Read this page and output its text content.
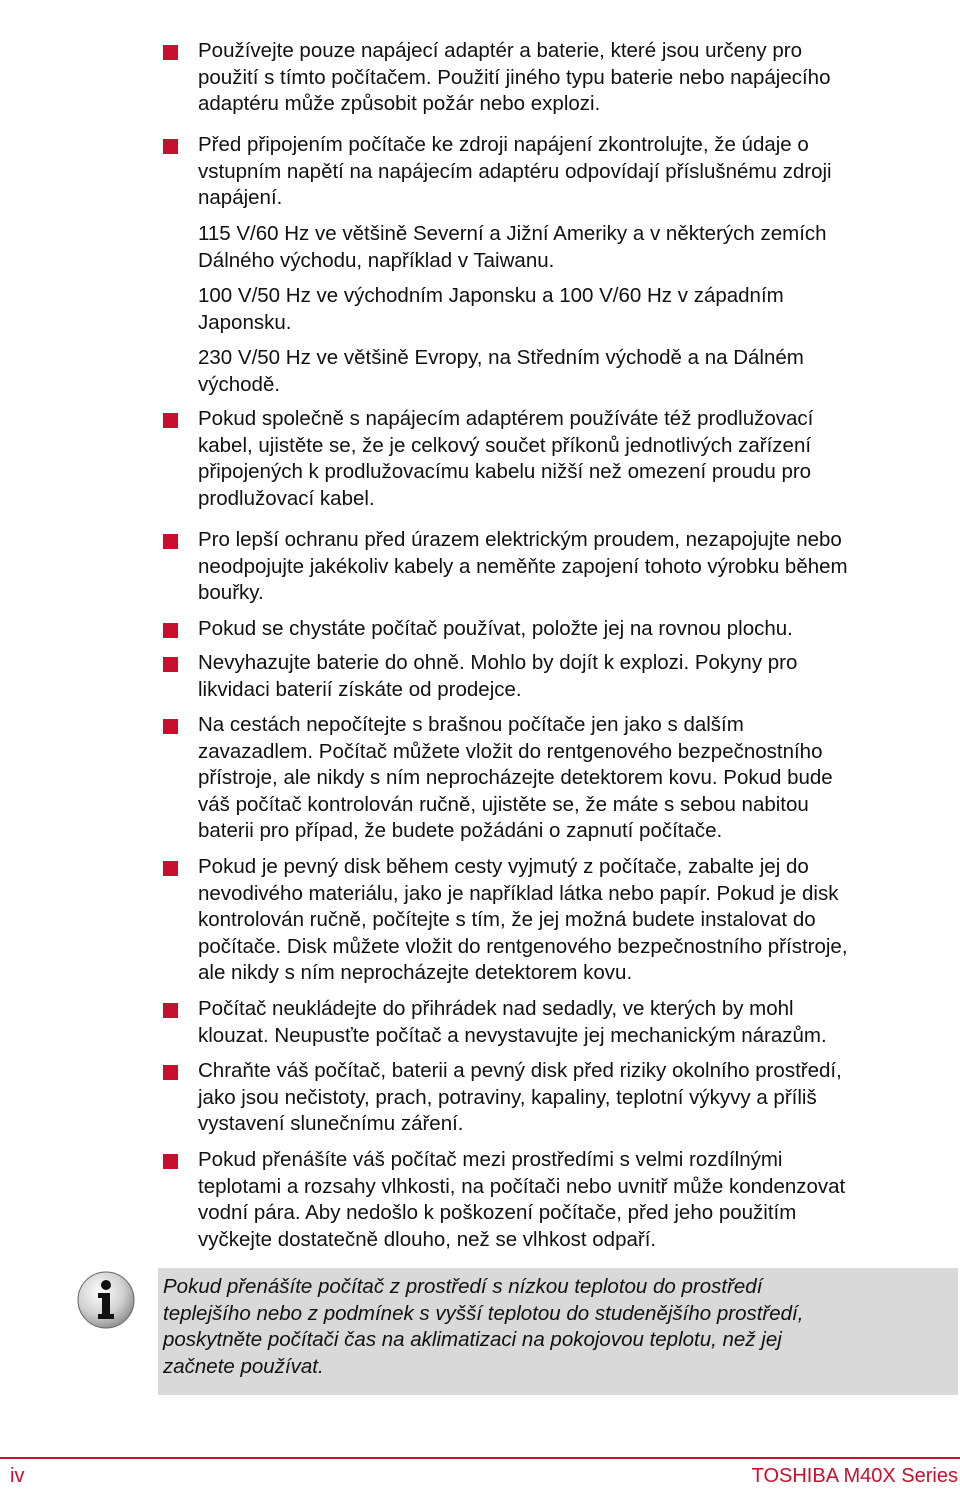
Používejte pouze napájecí adaptér a baterie, které jsou určeny pro
použití s tímto počítačem. Použití jiného typu baterie nebo napájecího
adaptéru může způsobit požár nebo explozi.
Před připojením počítače ke zdroji napájení zkontrolujte, že údaje o
vstupním napětí na napájecím adaptéru odpovídají příslušnému zdroji
napájení.
115 V/60 Hz ve většině Severní a Jižní Ameriky a v některých zemích
Dálného východu, například v Taiwanu.
100 V/50 Hz ve východním Japonsku a 100 V/60 Hz v západním
Japonsku.
230 V/50 Hz ve většině Evropy, na Středním východě a na Dálném
východě.
Pokud společně s napájecím adaptérem používáte též prodlužovací
kabel, ujistěte se, že je celkový součet příkonů jednotlivých zařízení
připojených k prodlužovacímu kabelu nižší než omezení proudu pro
prodlužovací kabel.
Pro lepší ochranu před úrazem elektrickým proudem, nezapojujte nebo
neodpojujte jakékoliv kabely a neměňte zapojení tohoto výrobku během
bouřky.
Pokud se chystáte počítač používat, položte jej na rovnou plochu.
Nevyhazujte baterie do ohně. Mohlo by dojít k explozi. Pokyny pro
likvidaci baterií získáte od prodejce.
Na cestách nepočítejte s brašnou počítače jen jako s dalším
zavazadlem. Počítač můžete vložit do rentgenového bezpečnostního
přístroje, ale nikdy s ním neprocházejte detektorem kovu. Pokud bude
váš počítač kontrolován ručně, ujistěte se, že máte s sebou nabitou
baterii pro případ, že budete požádáni o zapnutí počítače.
Pokud je pevný disk během cesty vyjmutý z počítače, zabalte jej do
nevodivého materiálu, jako je například látka nebo papír. Pokud je disk
kontrolován ručně, počítejte s tím, že jej možná budete instalovat do
počítače. Disk můžete vložit do rentgenového bezpečnostního přístroje,
ale nikdy s ním neprocházejte detektorem kovu.
Počítač neukládejte do přihrádek nad sedadly, ve kterých by mohl
klouzat. Neupusťte počítač a nevystavujte jej mechanickým nárazům.
Chraňte váš počítač, baterii a pevný disk před riziky okolního prostředí,
jako jsou nečistoty, prach, potraviny, kapaliny, teplotní výkyvy a příliš
vystavení slunečnímu záření.
Pokud přenášíte váš počítač mezi prostředími s velmi rozdílnými
teplotami a rozsahy vlhkosti, na počítači nebo uvnitř může kondenzovat
vodní pára. Aby nedošlo k poškození počítače, před jeho použitím
vyčkejte dostatečně dlouho, než se vlhkost odpaří.
Pokud přenášíte počítač z prostředí s nízkou teplotou do prostředí
teplejšího nebo z podmínek s vyšší teplotou do studenějšího prostředí,
poskytněte počítači čas na aklimatizaci na pokojovou teplotu, než jej
začnete používat.
iv	TOSHIBA M40X Series
